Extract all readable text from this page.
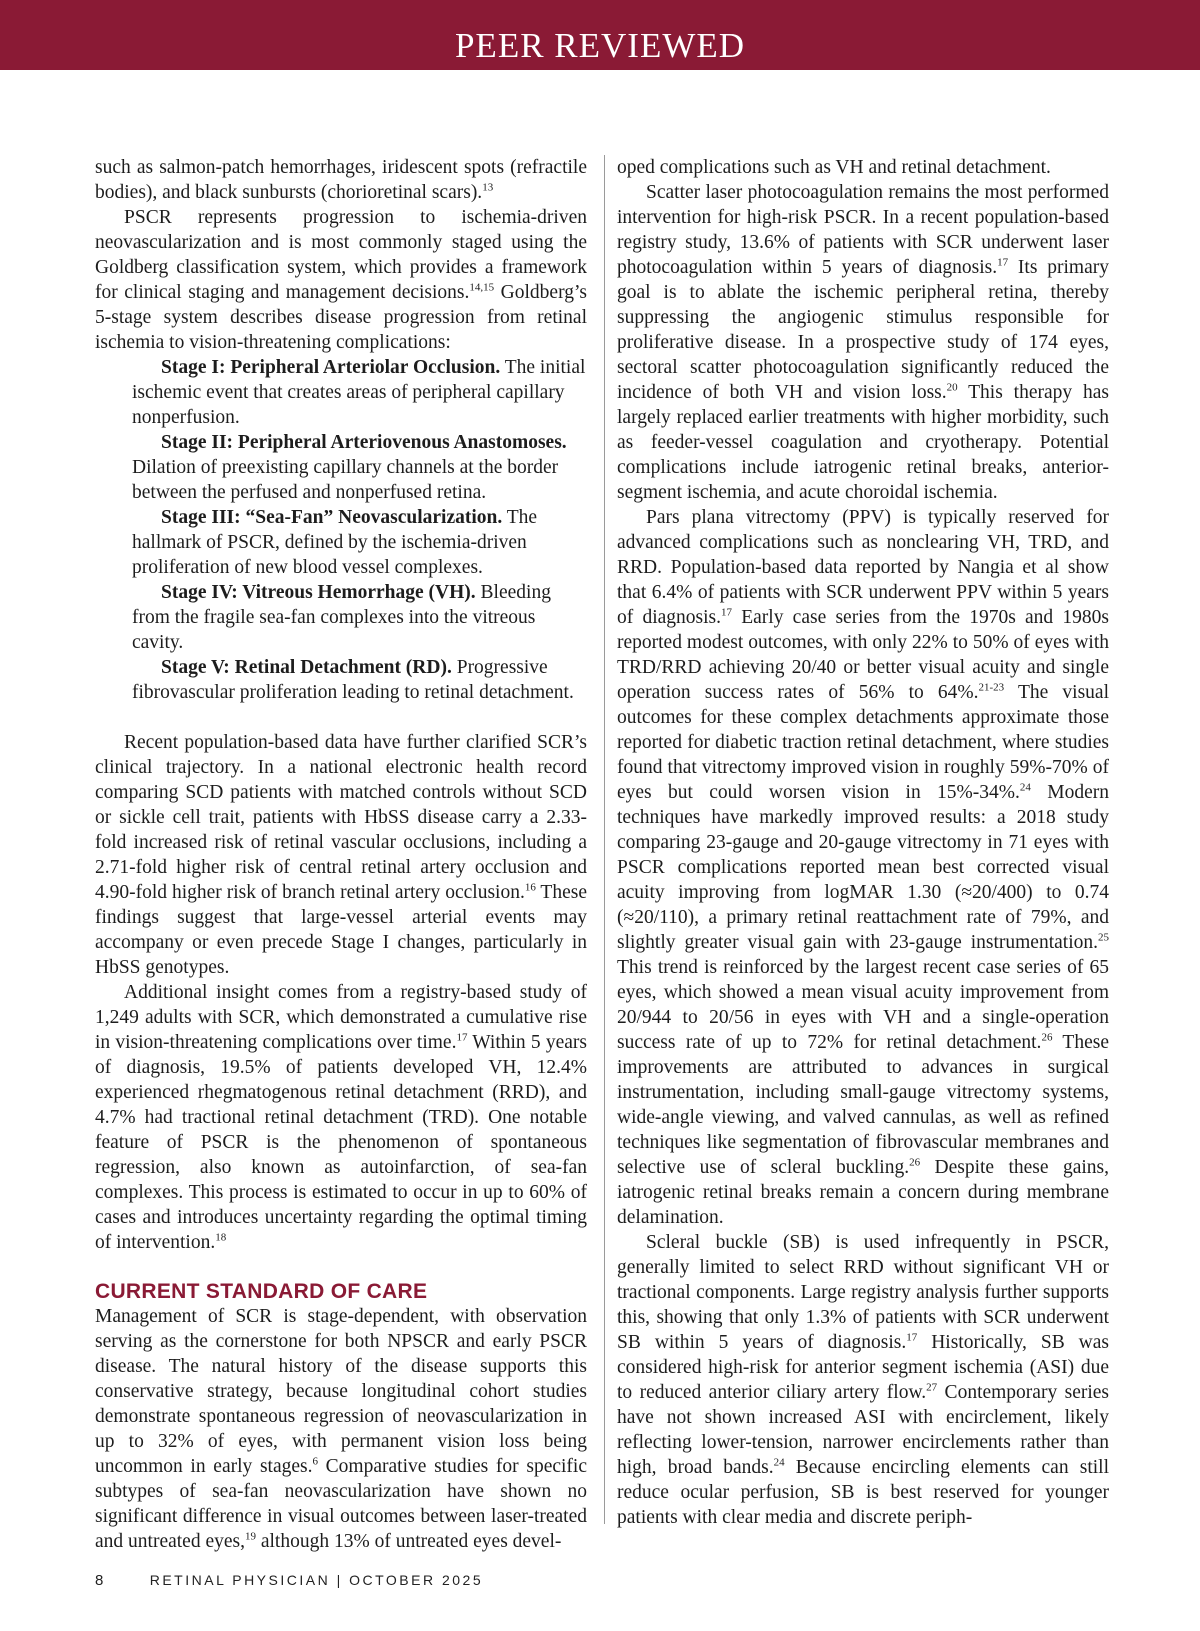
PEER REVIEWED

such as salmon-patch hemorrhages, iridescent spots (refractile bodies), and black sunbursts (chorioretinal scars).$^{13}$

PSCR represents progression to ischemia-driven neovascularization and is most commonly staged using the Goldberg classification system, which provides a framework for clinical staging and management decisions.$^{14,15}$ Goldberg’s 5-stage system describes disease progression from retinal ischemia to vision-threatening complications:

Stage I: Peripheral Arteriolar Occlusion. The initial ischemic event that creates areas of peripheral capillary nonperfusion.

Stage II: Peripheral Arteriovenous Anastomoses. Dilation of preexisting capillary channels at the border between the perfused and nonperfused retina.

Stage III: “Sea-Fan” Neovascularization. The hallmark of PSCR, defined by the ischemia-driven proliferation of new blood vessel complexes.

Stage IV: Vitreous Hemorrhage (VH). Bleeding from the fragile sea-fan complexes into the vitreous cavity.

Stage V: Retinal Detachment (RD). Progressive fibrovascular proliferation leading to retinal detachment.

Recent population-based data have further clarified SCR’s clinical trajectory. In a national electronic health record comparing SCD patients with matched controls without SCD or sickle cell trait, patients with HbSS disease carry a 2.33-fold increased risk of retinal vascular occlusions, including a 2.71-fold higher risk of central retinal artery occlusion and 4.90-fold higher risk of branch retinal artery occlusion.$^{16}$ These findings suggest that large-vessel arterial events may accompany or even precede Stage I changes, particularly in HbSS genotypes.

Additional insight comes from a registry-based study of 1,249 adults with SCR, which demonstrated a cumulative rise in vision-threatening complications over time.$^{17}$ Within 5 years of diagnosis, 19.5% of patients developed VH, 12.4% experienced rhegmatogenous retinal detachment (RRD), and 4.7% had tractional retinal detachment (TRD). One notable feature of PSCR is the phenomenon of spontaneous regression, also known as autoinfarction, of sea-fan complexes. This process is estimated to occur in up to 60% of cases and introduces uncertainty regarding the optimal timing of intervention.$^{18}$

CURRENT STANDARD OF CARE

Management of SCR is stage-dependent, with observation serving as the cornerstone for both NPSCR and early PSCR disease. The natural history of the disease supports this conservative strategy, because longitudinal cohort studies demonstrate spontaneous regression of neovascularization in up to 32% of eyes, with permanent vision loss being uncommon in early stages.$^6$ Comparative studies for specific subtypes of sea-fan neovascularization have shown no significant difference in visual outcomes between laser-treated and untreated eyes,$^{19}$ although 13% of untreated eyes devel-

oped complications such as VH and retinal detachment.

Scatter laser photocoagulation remains the most performed intervention for high-risk PSCR. In a recent population-based registry study, 13.6% of patients with SCR underwent laser photocoagulation within 5 years of diagnosis.$^{17}$ Its primary goal is to ablate the ischemic peripheral retina, thereby suppressing the angiogenic stimulus responsible for proliferative disease. In a prospective study of 174 eyes, sectoral scatter photocoagulation significantly reduced the incidence of both VH and vision loss.$^{20}$ This therapy has largely replaced earlier treatments with higher morbidity, such as feeder-vessel coagulation and cryotherapy. Potential complications include iatrogenic retinal breaks, anterior-segment ischemia, and acute choroidal ischemia.

Pars plana vitrectomy (PPV) is typically reserved for advanced complications such as nonclearing VH, TRD, and RRD. Population-based data reported by Nangia et al show that 6.4% of patients with SCR underwent PPV within 5 years of diagnosis.$^{17}$ Early case series from the 1970s and 1980s reported modest outcomes, with only 22% to 50% of eyes with TRD/RRD achieving 20/40 or better visual acuity and single operation success rates of 56% to 64%.$^{21-23}$ The visual outcomes for these complex detachments approximate those reported for diabetic traction retinal detachment, where studies found that vitrectomy improved vision in roughly 59%-70% of eyes but could worsen vision in 15%-34%.$^{24}$ Modern techniques have markedly improved results: a 2018 study comparing 23-gauge and 20-gauge vitrectomy in 71 eyes with PSCR complications reported mean best corrected visual acuity improving from logMAR 1.30 (≈20/400) to 0.74 (≈20/110), a primary retinal reattachment rate of 79%, and slightly greater visual gain with 23-gauge instrumentation.$^{25}$ This trend is reinforced by the largest recent case series of 65 eyes, which showed a mean visual acuity improvement from 20/944 to 20/56 in eyes with VH and a single-operation success rate of up to 72% for retinal detachment.$^{26}$ These improvements are attributed to advances in surgical instrumentation, including small-gauge vitrectomy systems, wide-angle viewing, and valved cannulas, as well as refined techniques like segmentation of fibrovascular membranes and selective use of scleral buckling.$^{26}$ Despite these gains, iatrogenic retinal breaks remain a concern during membrane delamination.

Scleral buckle (SB) is used infrequently in PSCR, generally limited to select RRD without significant VH or tractional components. Large registry analysis further supports this, showing that only 1.3% of patients with SCR underwent SB within 5 years of diagnosis.$^{17}$ Historically, SB was considered high-risk for anterior segment ischemia (ASI) due to reduced anterior ciliary artery flow.$^{27}$ Contemporary series have not shown increased ASI with encirclement, likely reflecting lower-tension, narrower encirclements rather than high, broad bands.$^{24}$ Because encircling elements can still reduce ocular perfusion, SB is best reserved for younger patients with clear media and discrete periph-

8	RETINAL PHYSICIAN | OCTOBER 2025
